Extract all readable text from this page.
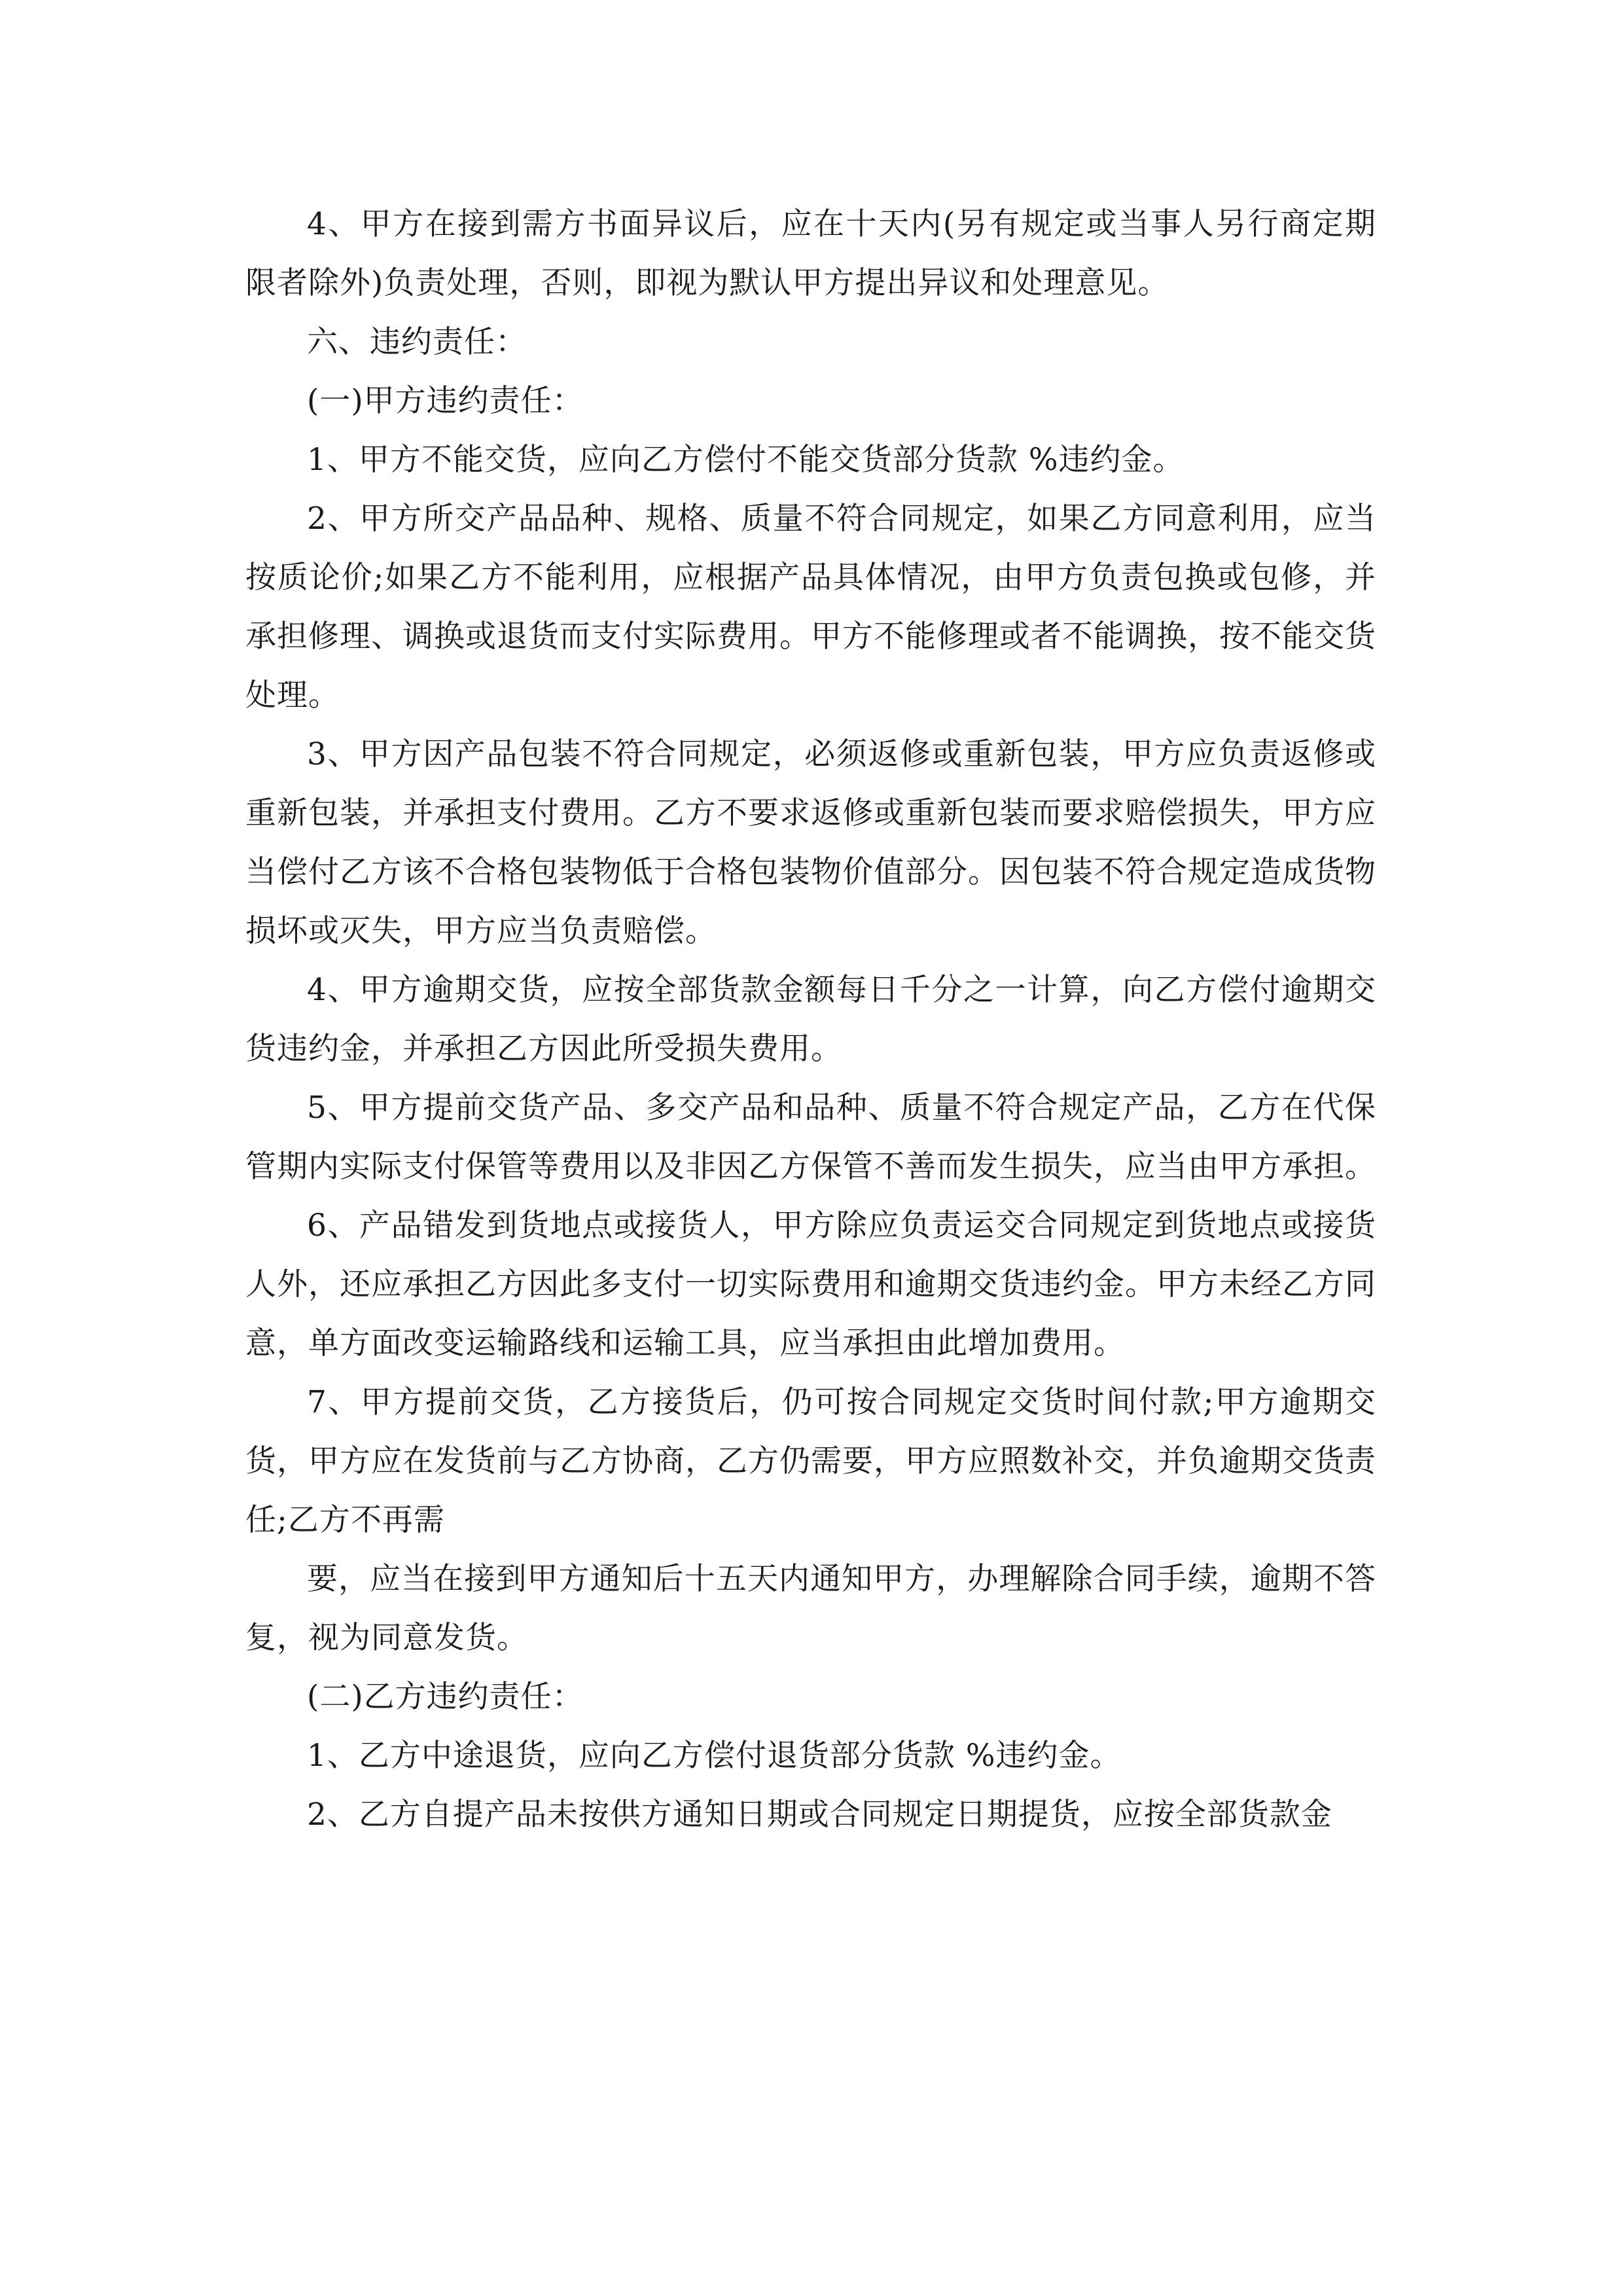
4、甲方在接到需方书面异议后，应在十天内(另有规定或当事人另行商定期限者除外)负责处理，否则，即视为默认甲方提出异议和处理意见。

六、违约责任：

(一)甲方违约责任：

1、甲方不能交货，应向乙方偿付不能交货部分货款 %违约金。

2、甲方所交产品品种、规格、质量不符合同规定，如果乙方同意利用，应当按质论价;如果乙方不能利用，应根据产品具体情况，由甲方负责包换或包修，并承担修理、调换或退货而支付实际费用。甲方不能修理或者不能调换，按不能交货处理。

3、甲方因产品包装不符合同规定，必须返修或重新包装，甲方应负责返修或重新包装，并承担支付费用。乙方不要求返修或重新包装而要求赔偿损失，甲方应当偿付乙方该不合格包装物低于合格包装物价值部分。因包装不符合规定造成货物损坏或灭失，甲方应当负责赔偿。

4、甲方逾期交货，应按全部货款金额每日千分之一计算，向乙方偿付逾期交货违约金，并承担乙方因此所受损失费用。

5、甲方提前交货产品、多交产品和品种、质量不符合规定产品，乙方在代保管期内实际支付保管等费用以及非因乙方保管不善而发生损失，应当由甲方承担。

6、产品错发到货地点或接货人，甲方除应负责运交合同规定到货地点或接货人外，还应承担乙方因此多支付一切实际费用和逾期交货违约金。甲方未经乙方同意，单方面改变运输路线和运输工具，应当承担由此增加费用。

7、甲方提前交货，乙方接货后，仍可按合同规定交货时间付款;甲方逾期交货，甲方应在发货前与乙方协商，乙方仍需要，甲方应照数补交，并负逾期交货责任;乙方不再需

要，应当在接到甲方通知后十五天内通知甲方，办理解除合同手续，逾期不答复，视为同意发货。

(二)乙方违约责任：

1、乙方中途退货，应向乙方偿付退货部分货款 %违约金。

2、乙方自提产品未按供方通知日期或合同规定日期提货，应按全部货款金
